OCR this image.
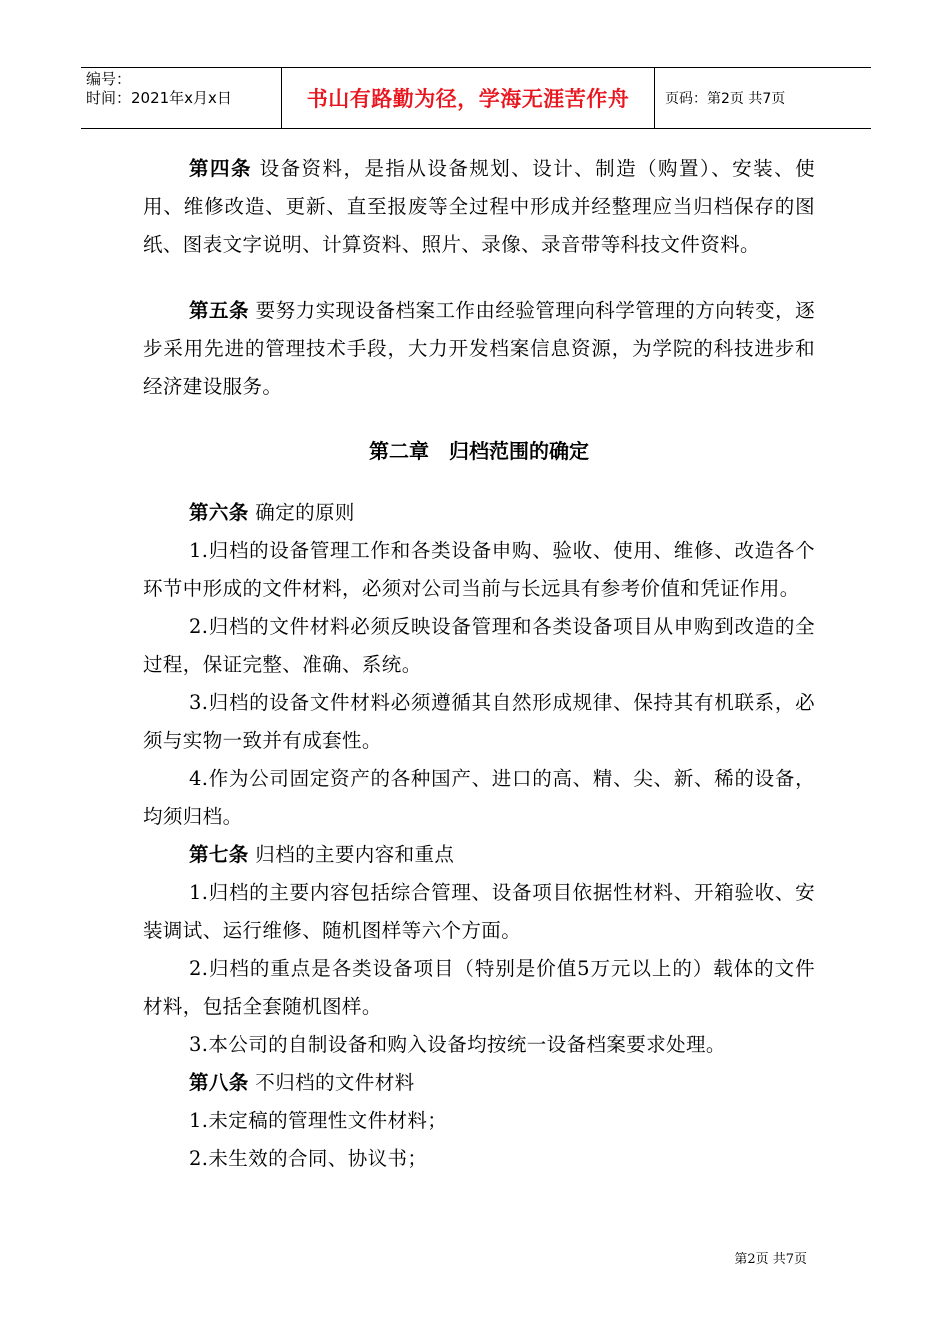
编号：
时间：2021年x月x日	书山有路勤为径，学海无涯苦作舟	页码：第2页 共7页

第四条 设备资料，是指从设备规划、设计、制造（购置）、安装、使用、维修改造、更新、直至报废等全过程中形成并经整理应当归档保存的图纸、图表文字说明、计算资料、照片、录像、录音带等科技文件资料。

第五条 要努力实现设备档案工作由经验管理向科学管理的方向转变，逐步采用先进的管理技术手段，大力开发档案信息资源，为学院的科技进步和经济建设服务。

第二章 归档范围的确定

第六条 确定的原则

1.归档的设备管理工作和各类设备申购、验收、使用、维修、改造各个环节中形成的文件材料，必须对公司当前与长远具有参考价值和凭证作用。

2.归档的文件材料必须反映设备管理和各类设备项目从申购到改造的全过程，保证完整、准确、系统。

3.归档的设备文件材料必须遵循其自然形成规律、保持其有机联系，必须与实物一致并有成套性。

4.作为公司固定资产的各种国产、进口的高、精、尖、新、稀的设备，均须归档。

第七条 归档的主要内容和重点

1.归档的主要内容包括综合管理、设备项目依据性材料、开箱验收、安装调试、运行维修、随机图样等六个方面。

2.归档的重点是各类设备项目（特别是价值5万元以上的）载体的文件材料，包括全套随机图样。

3.本公司的自制设备和购入设备均按统一设备档案要求处理。

第八条 不归档的文件材料

1.未定稿的管理性文件材料；

2.未生效的合同、协议书；

第2页 共7页
